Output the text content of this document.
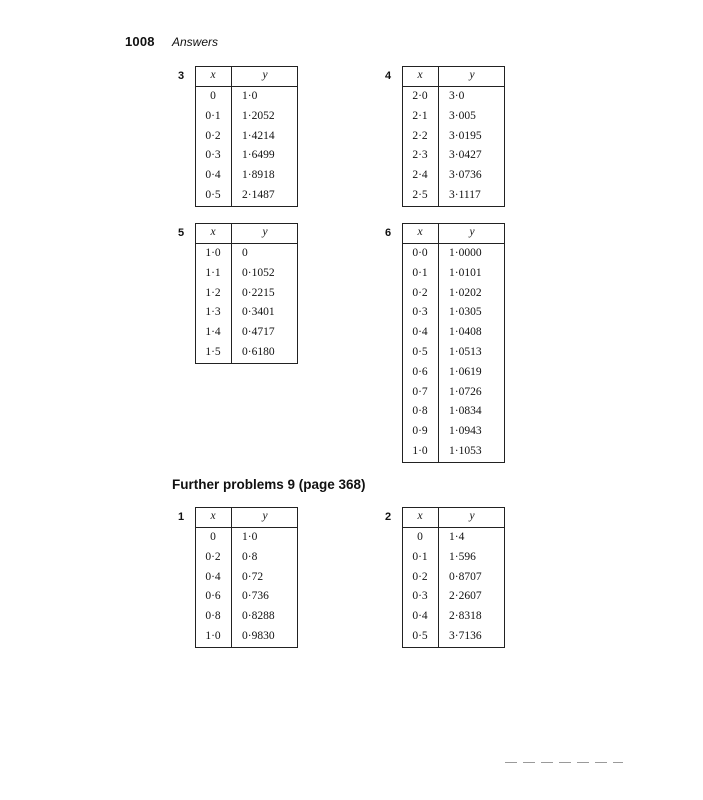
1008 Answers
3 x	y
0	1·0
0·1	1·2052
0·2	1·4214
0·3	1·6499
0·4	1·8918
0·5	2·1487
4 x	y
2·0	3·0
2·1	3·005
2·2	3·0195
2·3	3·0427
2·4	3·0736
2·5	3·1117
5 x	y
1·0	0
1·1	0·1052
1·2	0·2215
1·3	0·3401
1·4	0·4717
1·5	0·6180
6 x	y
0·0	1·0000
0·1	1·0101
0·2	1·0202
0·3	1·0305
0·4	1·0408
0·5	1·0513
0·6	1·0619
0·7	1·0726
0·8	1·0834
0·9	1·0943
1·0	1·1053
1 x	y
0	1·0
0·2	0·8
0·4	0·72
0·6	0·736
0·8	0·8288
1·0	0·9830
2 x	y
0	1·4
0·1	1·596
0·2	0·8707
0·3	2·2607
0·4	2·8318
0·5	3·7136
Further problems 9 (page 368)
